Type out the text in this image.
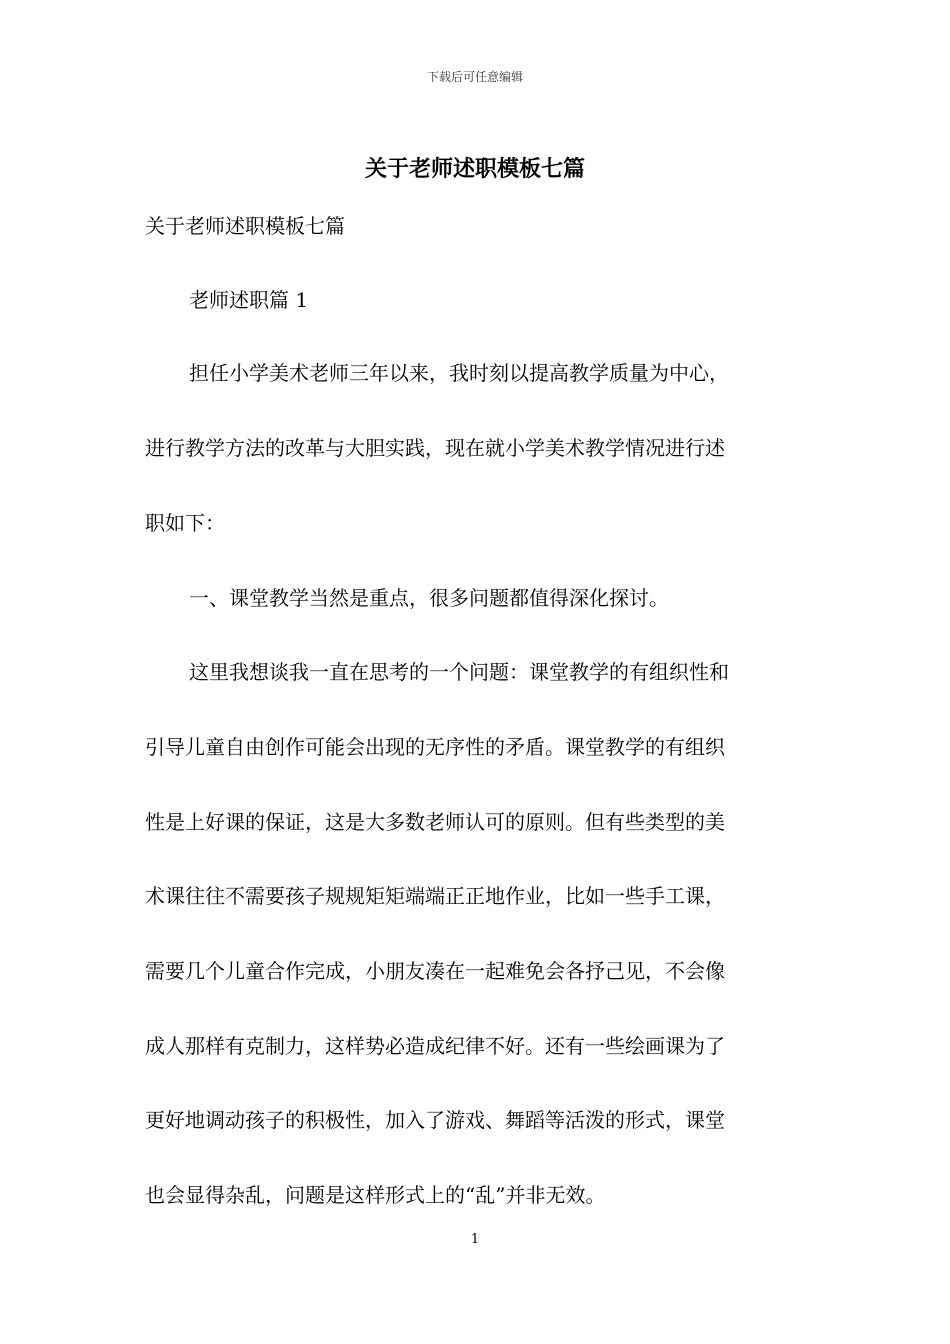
下载后可任意编辑
关于老师述职模板七篇

关于老师述职模板七篇

老师述职篇 1

担任小学美术老师三年以来，我时刻以提高教学质量为中心，

进行教学方法的改革与大胆实践，现在就小学美术教学情况进行述

职如下：

一、课堂教学当然是重点，很多问题都值得深化探讨。

这里我想谈我一直在思考的一个问题：课堂教学的有组织性和

引导儿童自由创作可能会出现的无序性的矛盾。课堂教学的有组织

性是上好课的保证，这是大多数老师认可的原则。但有些类型的美

术课往往不需要孩子规规矩矩端端正正地作业，比如一些手工课，

需要几个儿童合作完成，小朋友凑在一起难免会各抒己见，不会像

成人那样有克制力，这样势必造成纪律不好。还有一些绘画课为了

更好地调动孩子的积极性，加入了游戏、舞蹈等活泼的形式，课堂

也会显得杂乱，问题是这样形式上的“乱”并非无效。

1
